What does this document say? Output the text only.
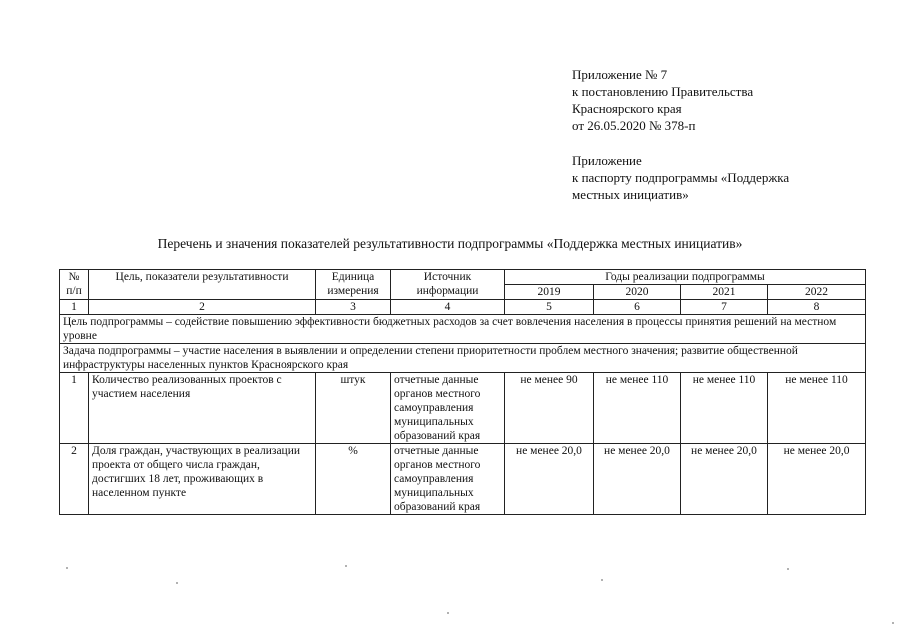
Приложение № 7
к постановлению Правительства
Красноярского края
от 26.05.2020 № 378-п
Приложение
к паспорту подпрограммы «Поддержка
местных инициатив»
Перечень и значения показателей результативности подпрограммы «Поддержка местных инициатив»
№ п/п	Цель, показатели результативности	Единица измерения	Источник информации	Годы реализации подпрограммы			
				2019	2020	2021	2022
1	2	3	4	5	6	7	8
Цель подпрограммы – содействие повышению эффективности бюджетных расходов за счет вовлечения населения в процессы принятия решений на местном уровне							
Задача подпрограммы – участие населения в выявлении и определении степени приоритетности проблем местного значения; развитие общественной инфраструктуры населенных пунктов Красноярского края							
1	Количество реализованных проектов с участием населения	штук	отчетные данные органов местного самоуправления муниципальных образований края	не менее 90	не менее 110	не менее 110	не менее 110
2	Доля граждан, участвующих в реализации проекта от общего числа граждан, достигших 18 лет, проживающих в населенном пункте	%	отчетные данные органов местного самоуправления муниципальных образований края	не менее 20,0	не менее 20,0	не менее 20,0	не менее 20,0
